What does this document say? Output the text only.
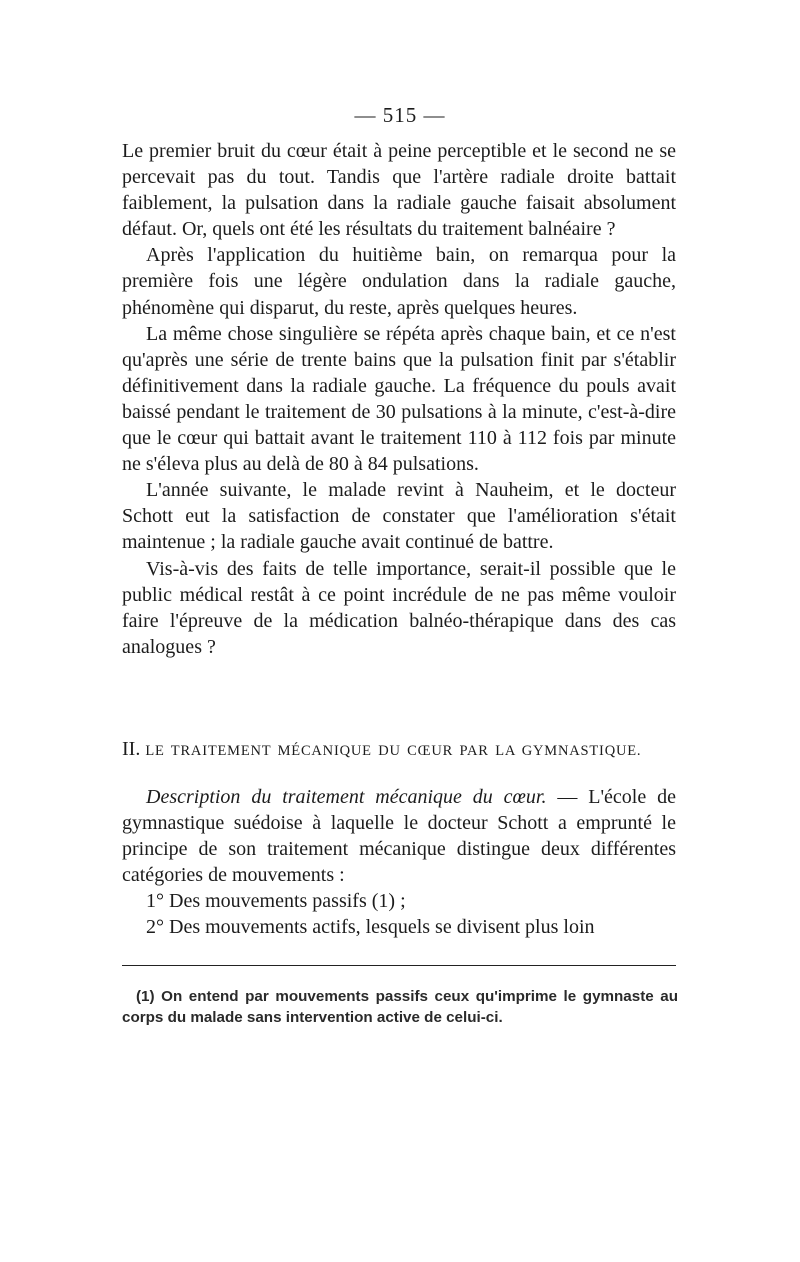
— 515 —

Le premier bruit du cœur était à peine perceptible et le second ne se percevait pas du tout. Tandis que l'artère radiale droite battait faiblement, la pulsation dans la radiale gauche faisait absolument défaut. Or, quels ont été les résultats du traitement balnéaire ?

Après l'application du huitième bain, on remarqua pour la première fois une légère ondulation dans la radiale gauche, phénomène qui disparut, du reste, après quelques heures.

La même chose singulière se répéta après chaque bain, et ce n'est qu'après une série de trente bains que la pulsation finit par s'établir définitivement dans la radiale gauche. La fréquence du pouls avait baissé pendant le traitement de 30 pulsations à la minute, c'est-à-dire que le cœur qui battait avant le traitement 110 à 112 fois par minute ne s'éleva plus au delà de 80 à 84 pulsations.

L'année suivante, le malade revint à Nauheim, et le docteur Schott eut la satisfaction de constater que l'amélioration s'était maintenue ; la radiale gauche avait continué de battre.

Vis-à-vis des faits de telle importance, serait-il possible que le public médical restât à ce point incrédule de ne pas même vouloir faire l'épreuve de la médication balnéo-thérapique dans des cas analogues ?

II. LE TRAITEMENT MÉCANIQUE DU CŒUR PAR LA GYMNASTIQUE.

Description du traitement mécanique du cœur. — L'école de gymnastique suédoise à laquelle le docteur Schott a emprunté le principe de son traitement mécanique distingue deux différentes catégories de mouvements :

1° Des mouvements passifs (1) ;

2° Des mouvements actifs, lesquels se divisent plus loin

(1) On entend par mouvements passifs ceux qu'imprime le gymnaste au corps du malade sans intervention active de celui-ci.
